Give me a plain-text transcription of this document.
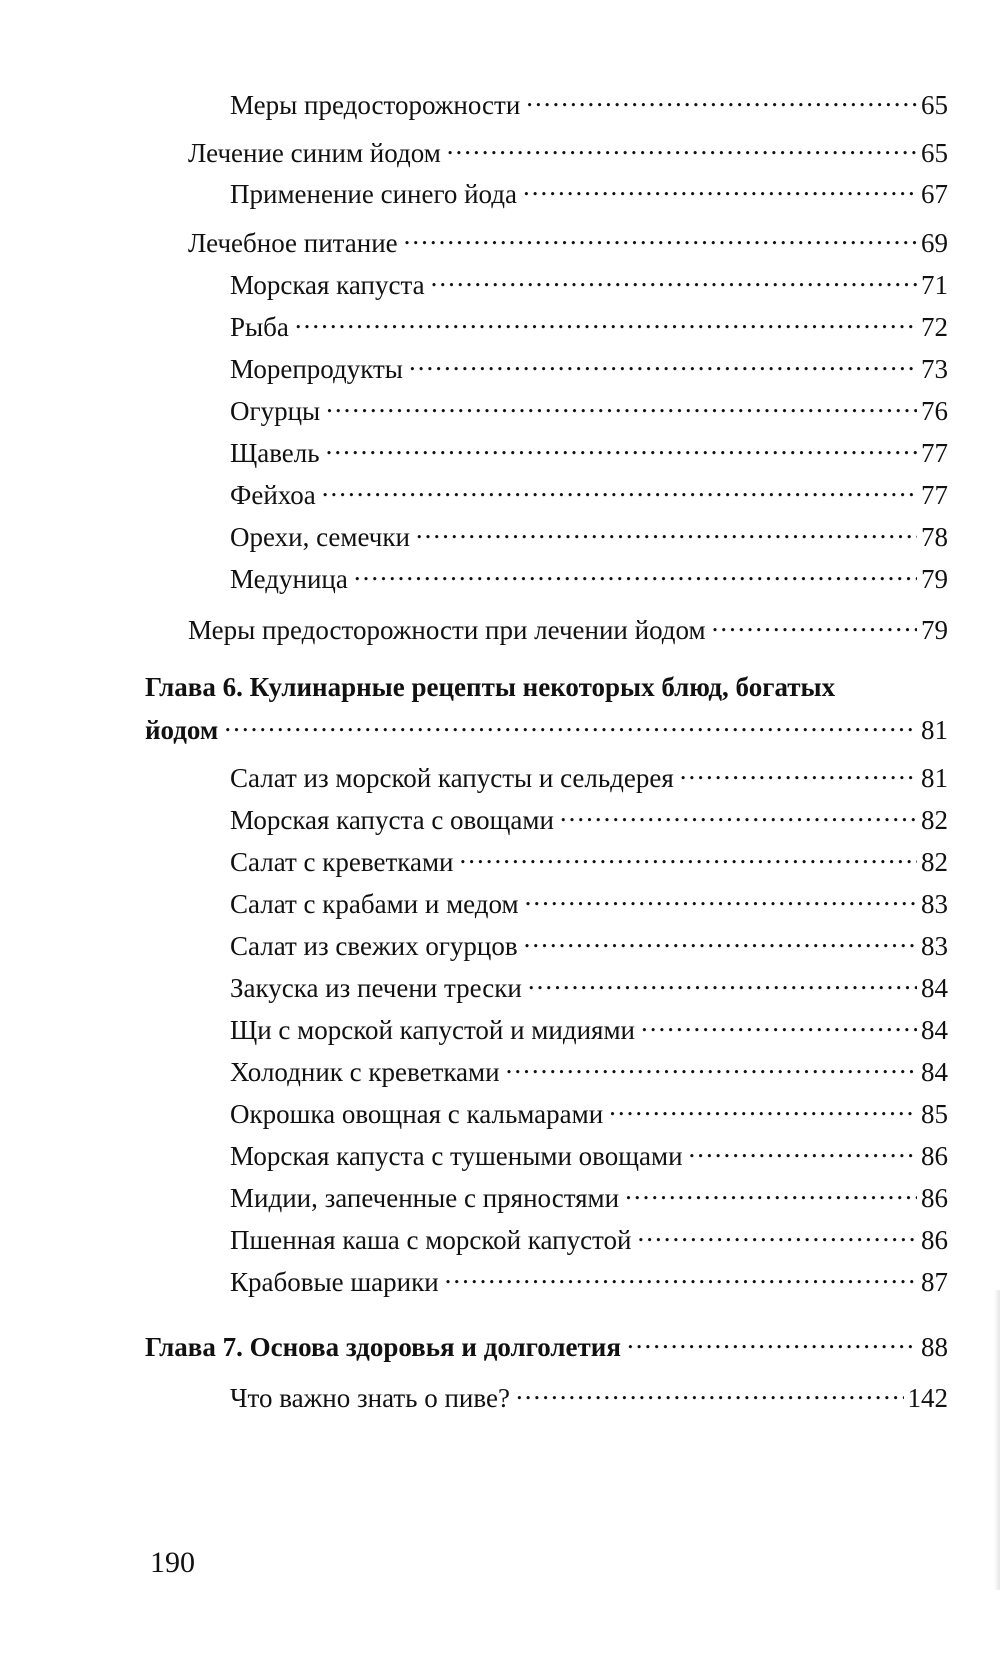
Меры предосторожности .....	65
Лечение синим йодом .....	65
Применение синего йода .....	67
Лечебное питание .....	69
Морская капуста .....	71
Рыба .....	72
Морепродукты .....	73
Огурцы .....	76
Щавель .....	77
Фейхоа .....	77
Орехи, семечки .....	78
Медуница .....	79
Меры предосторожности при лечении йодом .....	79
Глава 6. Кулинарные рецепты некоторых блюд, богатых
йодом .....	81
Салат из морской капусты и сельдерея .....	81
Морская капуста с овощами .....	82
Салат с креветками .....	82
Салат с крабами и медом .....	83
Салат из свежих огурцов .....	83
Закуска из печени трески .....	84
Щи с морской капустой и мидиями .....	84
Холодник с креветками .....	84
Окрошка овощная с кальмарами .....	85
Морская капуста с тушеными овощами .....	86
Мидии, запеченные с пряностями .....	86
Пшенная каша с морской капустой .....	86
Крабовые шарики .....	87
Глава 7. Основа здоровья и долголетия .....	88
Что важно знать о пиве? .....	142
190
